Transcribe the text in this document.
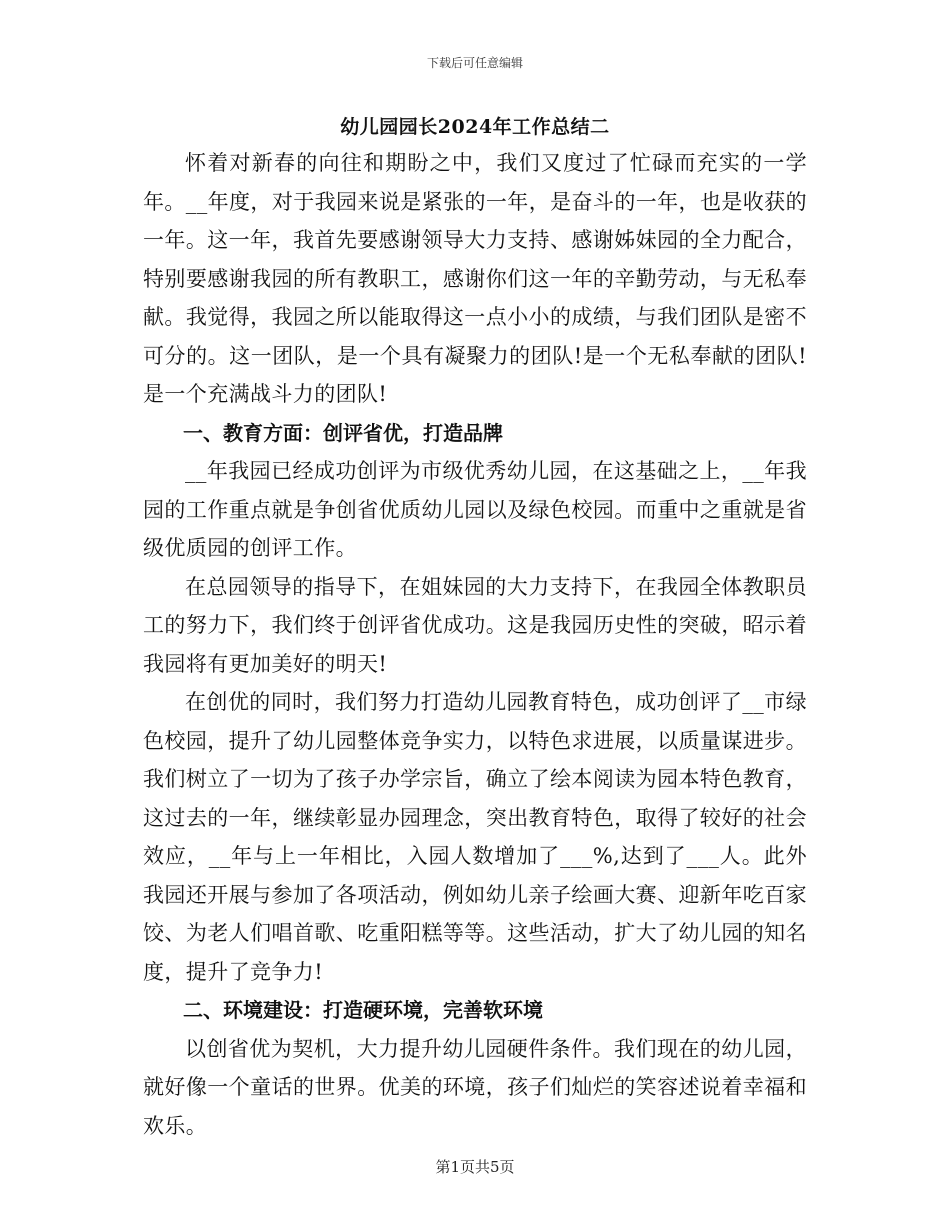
下载后可任意编辑
幼儿园园长2024年工作总结二

怀着对新春的向往和期盼之中，我们又度过了忙碌而充实的一学年。__年度，对于我园来说是紧张的一年，是奋斗的一年，也是收获的一年。这一年，我首先要感谢领导大力支持、感谢姊妹园的全力配合，特别要感谢我园的所有教职工，感谢你们这一年的辛勤劳动，与无私奉献。我觉得，我园之所以能取得这一点小小的成绩，与我们团队是密不可分的。这一团队，是一个具有凝聚力的团队!是一个无私奉献的团队!是一个充满战斗力的团队!

一、教育方面：创评省优，打造品牌

__年我园已经成功创评为市级优秀幼儿园，在这基础之上，__年我园的工作重点就是争创省优质幼儿园以及绿色校园。而重中之重就是省级优质园的创评工作。

在总园领导的指导下，在姐妹园的大力支持下，在我园全体教职员工的努力下，我们终于创评省优成功。这是我园历史性的突破，昭示着我园将有更加美好的明天!

在创优的同时，我们努力打造幼儿园教育特色，成功创评了__市绿色校园，提升了幼儿园整体竞争实力，以特色求进展，以质量谋进步。我们树立了一切为了孩子办学宗旨，确立了绘本阅读为园本特色教育，这过去的一年，继续彰显办园理念，突出教育特色，取得了较好的社会效应，__年与上一年相比，入园人数增加了___%,达到了___人。此外我园还开展与参加了各项活动，例如幼儿亲子绘画大赛、迎新年吃百家饺、为老人们唱首歌、吃重阳糕等等。这些活动，扩大了幼儿园的知名度，提升了竞争力!

二、环境建设：打造硬环境，完善软环境

以创省优为契机，大力提升幼儿园硬件条件。我们现在的幼儿园，就好像一个童话的世界。优美的环境，孩子们灿烂的笑容述说着幸福和欢乐。

第1页共5页
